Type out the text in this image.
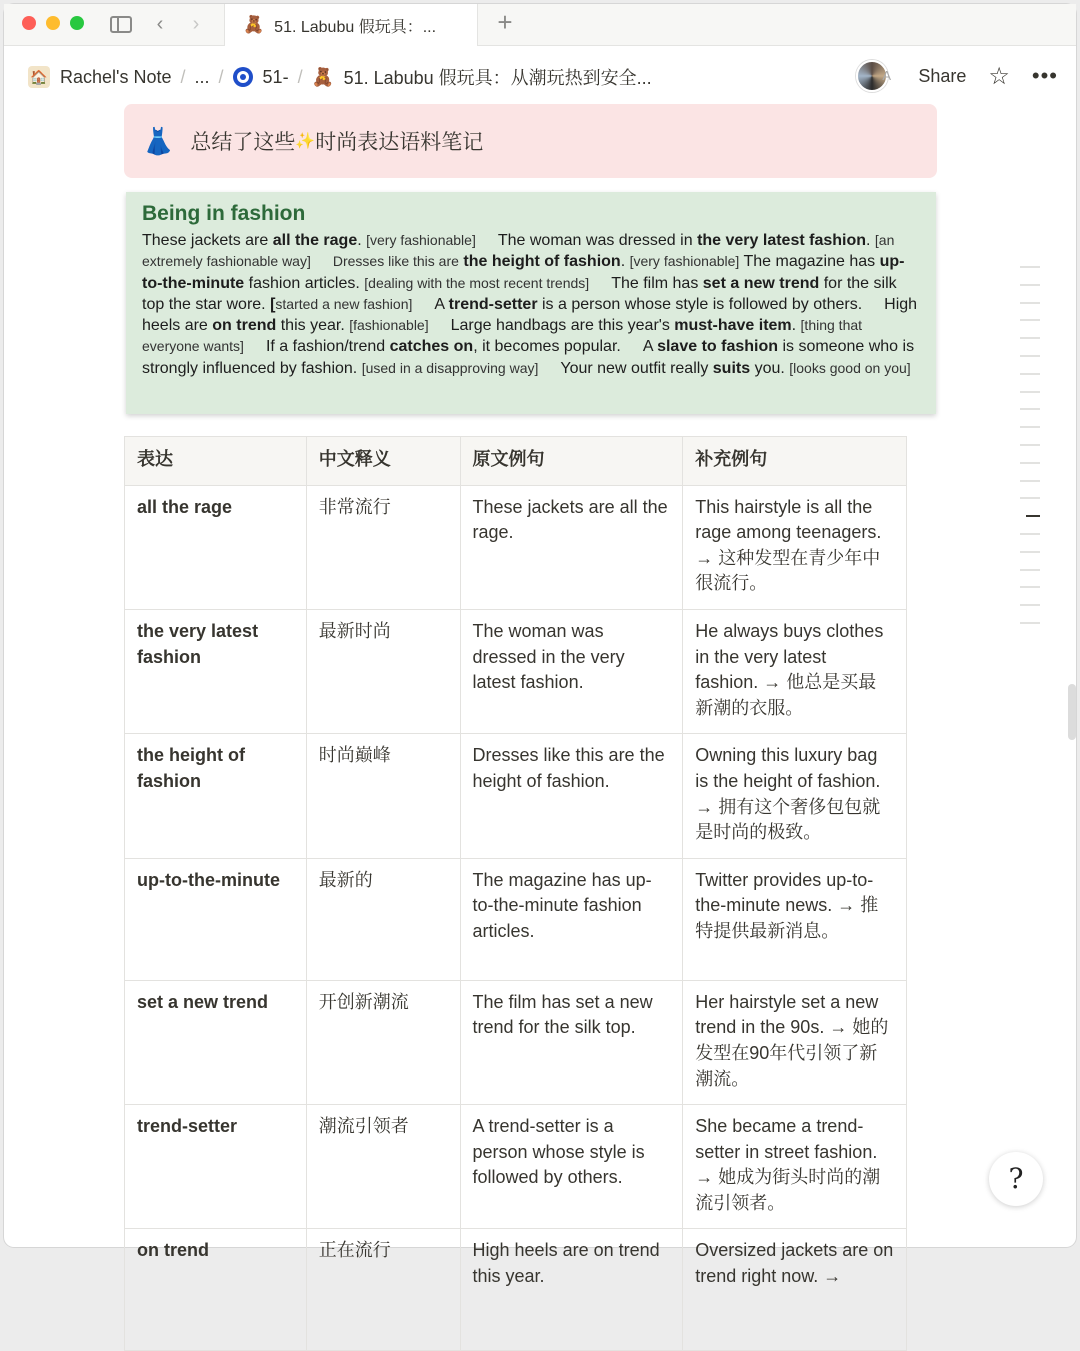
‹	›	🧸 51. Labubu 假玩具：... +
🏠 Rachel's Note / ... / 51- / 🧸 51. Labubu 假玩具：从潮玩热到安全...	A	Share ☆ •••
👗 总结了这些 ✨ 时尚表达语料笔记
Being in fashion

These jackets are all the rage. [very fashionable] The woman was dressed in the very latest fashion. [an extremely fashionable way] Dresses like this are the height of fashion. [very fashionable] The magazine has up-to-the-minute fashion articles. [dealing with the most recent trends] The film has set a new trend for the silk top the star wore. [started a new fashion] A trend-setter is a person whose style is followed by others. High heels are on trend this year. [fashionable] Large handbags are this year's must-have item. [thing that everyone wants] If a fashion/trend catches on, it becomes popular. A slave to fashion is someone who is strongly influenced by fashion. [used in a disapproving way] Your new outfit really suits you. [looks good on you]

表达	中文释义	原文例句	补充例句
all the rage	非常流行	These jackets are all the rage.	This hairstyle is all the rage among teenagers. → 这种发型在青少年中很流行。
the very latest fashion	最新时尚	The woman was dressed in the very latest fashion.	He always buys clothes in the very latest fashion. → 他总是买最新潮的衣服。
the height of fashion	时尚巅峰	Dresses like this are the height of fashion.	Owning this luxury bag is the height of fashion. → 拥有这个奢侈包包就是时尚的极致。
up-to-the-minute	最新的	The magazine has up-to-the-minute fashion articles.	Twitter provides up-to-the-minute news. → 推特提供最新消息。
set a new trend	开创新潮流	The film has set a new trend for the silk top.	Her hairstyle set a new trend in the 90s. → 她的发型在90年代引领了新潮流。
trend-setter	潮流引领者	A trend-setter is a person whose style is followed by others.	She became a trend-setter in street fashion. → 她成为街头时尚的潮流引领者。
on trend	正在流行	High heels are on trend this year.	Oversized jackets are on trend right now. →
?
